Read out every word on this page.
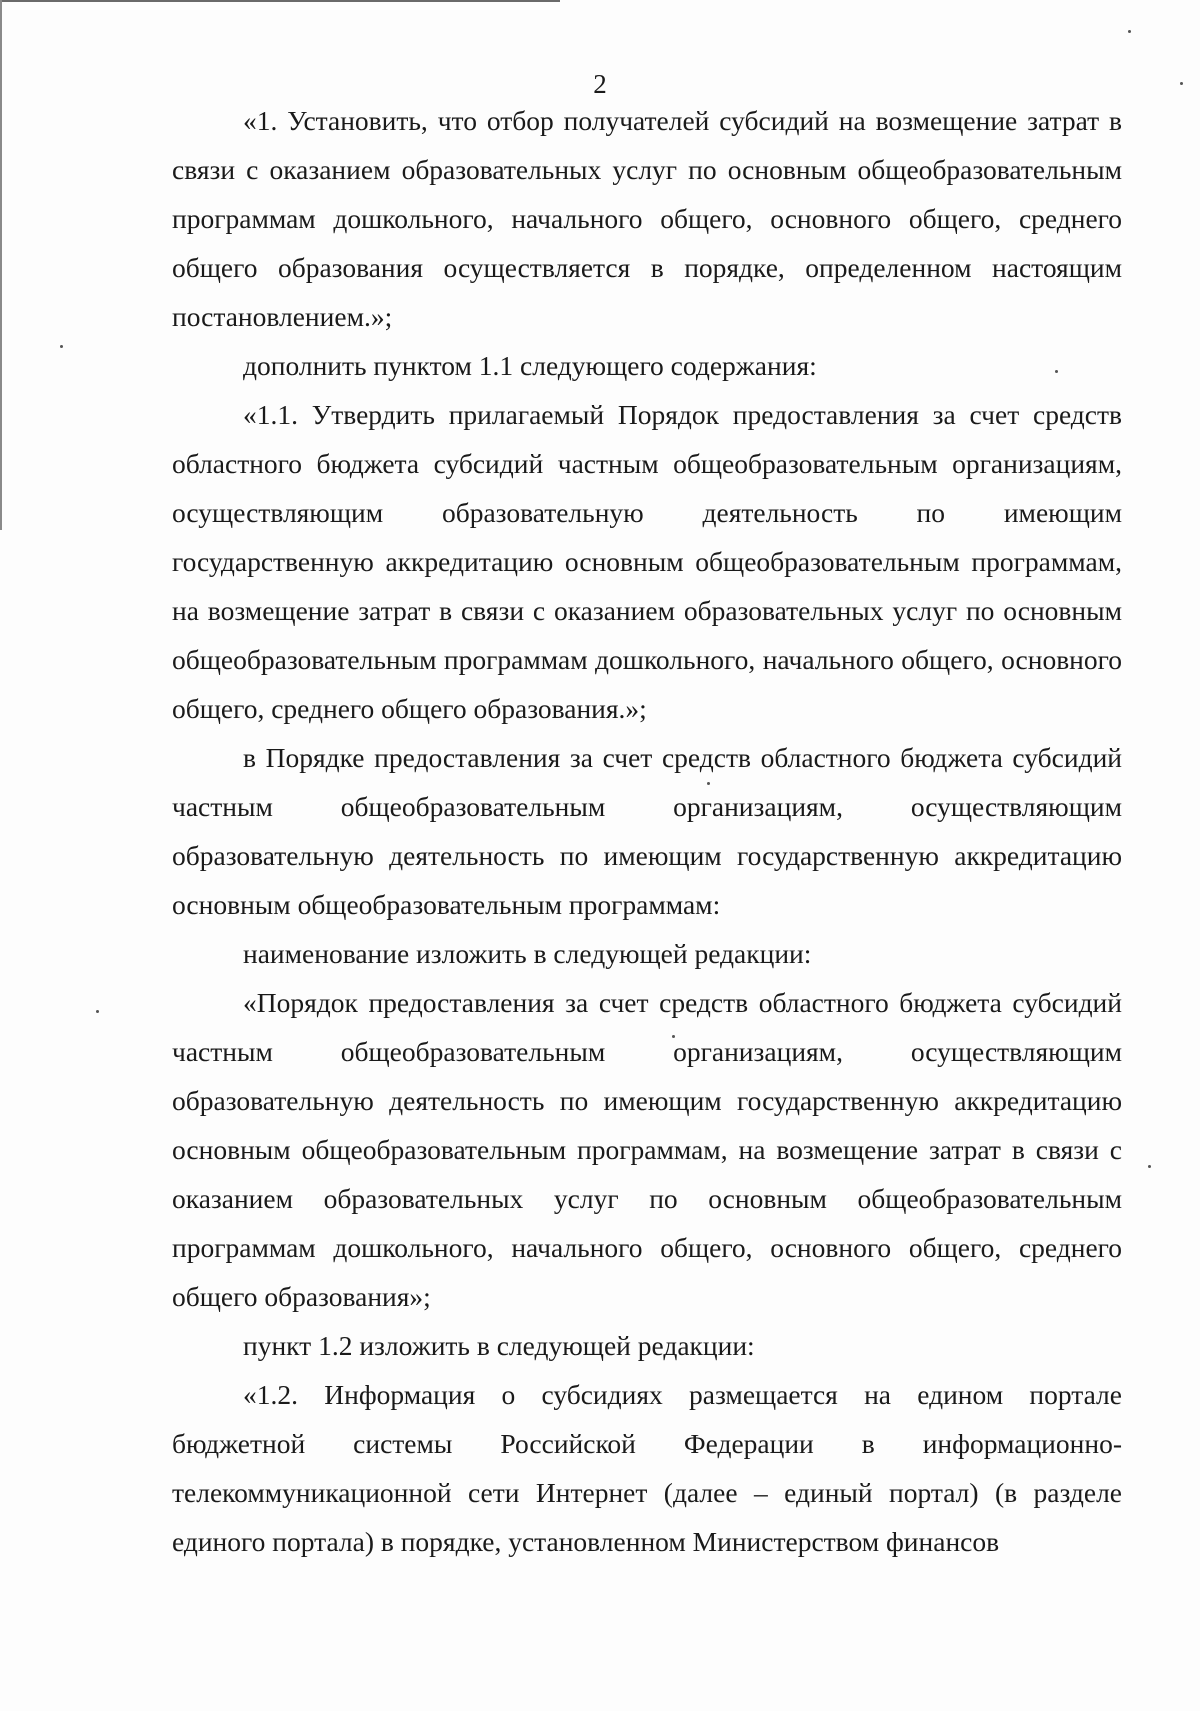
2

«1. Установить, что отбор получателей субсидий на возмещение затрат в связи с оказанием образовательных услуг по основным общеобразовательным программам дошкольного, начального общего, основного общего, среднего общего образования осуществляется в порядке, определенном настоящим постановлением.»;

дополнить пунктом 1.1 следующего содержания:

«1.1. Утвердить прилагаемый Порядок предоставления за счет средств областного бюджета субсидий частным общеобразовательным организациям, осуществляющим образовательную деятельность по имеющим государственную аккредитацию основным общеобразовательным программам, на возмещение затрат в связи с оказанием образовательных услуг по основным общеобразовательным программам дошкольного, начального общего, основного общего, среднего общего образования.»;

в Порядке предоставления за счет средств областного бюджета субсидий частным общеобразовательным организациям, осуществляющим образовательную деятельность по имеющим государственную аккредитацию основным общеобразовательным программам:

наименование изложить в следующей редакции:

«Порядок предоставления за счет средств областного бюджета субсидий частным общеобразовательным организациям, осуществляющим образовательную деятельность по имеющим государственную аккредитацию основным общеобразовательным программам, на возмещение затрат в связи с оказанием образовательных услуг по основным общеобразовательным программам дошкольного, начального общего, основного общего, среднего общего образования»;

пункт 1.2 изложить в следующей редакции:

«1.2. Информация о субсидиях размещается на едином портале бюджетной системы Российской Федерации в информационно-телекоммуникационной сети Интернет (далее – единый портал) (в разделе единого портала) в порядке, установленном Министерством финансов
